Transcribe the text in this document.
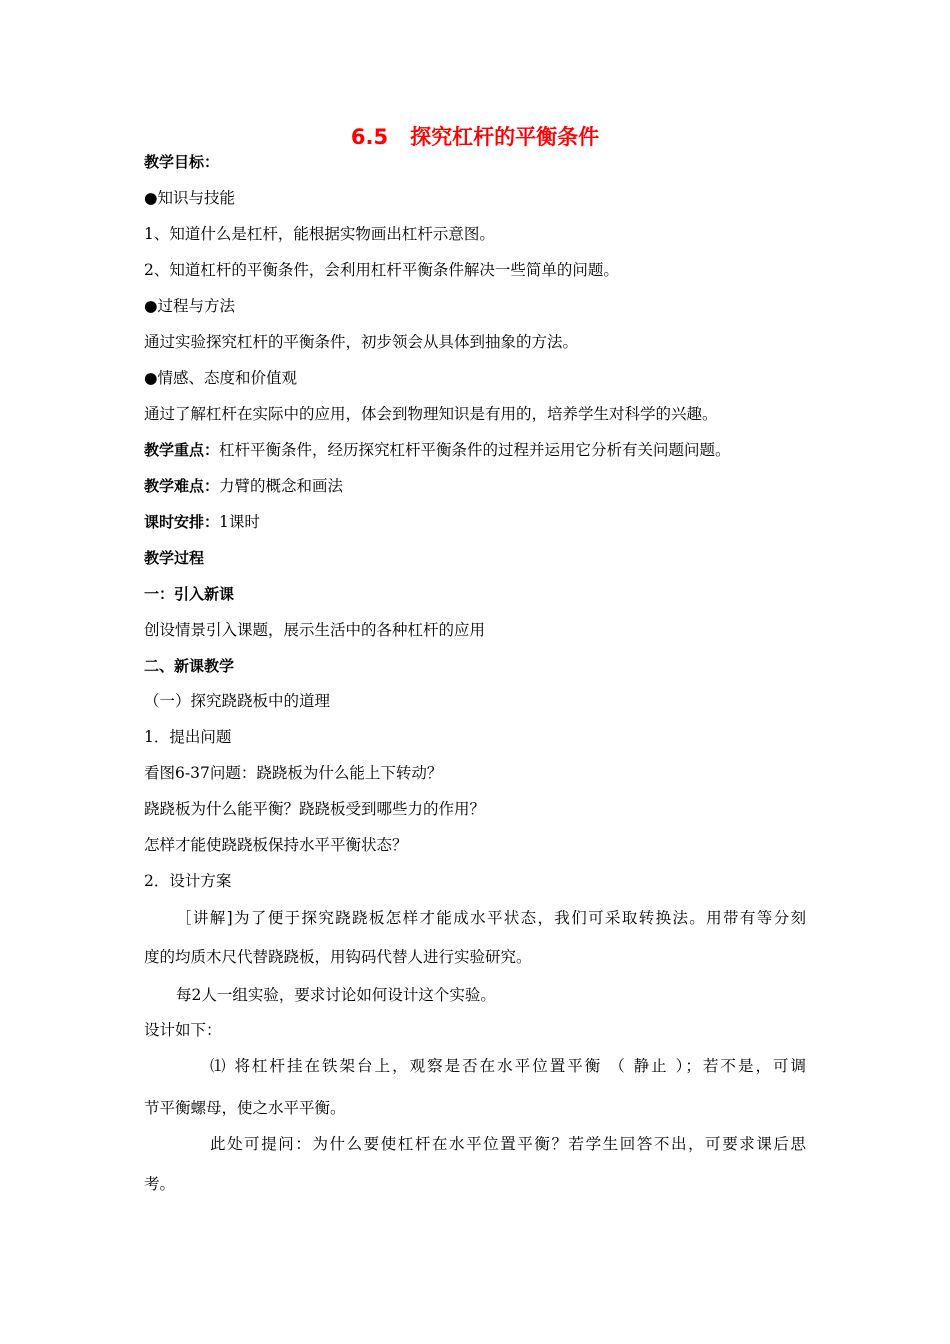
6.5 探究杠杆的平衡条件
教学目标：
●知识与技能
1、知道什么是杠杆，能根据实物画出杠杆示意图。
2、知道杠杆的平衡条件，会利用杠杆平衡条件解决一些简单的问题。
●过程与方法
通过实验探究杠杆的平衡条件，初步领会从具体到抽象的方法。
●情感、态度和价值观
通过了解杠杆在实际中的应用，体会到物理知识是有用的，培养学生对科学的兴趣。
教学重点：杠杆平衡条件，经历探究杠杆平衡条件的过程并运用它分析有关问题问题。
教学难点：力臂的概念和画法
课时安排：1课时
教学过程
一：引入新课
创设情景引入课题，展示生活中的各种杠杆的应用
二、新课教学
（一）探究跷跷板中的道理
1．提出问题
看图6-37问题：跷跷板为什么能上下转动？
跷跷板为什么能平衡？跷跷板受到哪些力的作用？
怎样才能使跷跷板保持水平平衡状态？
2．设计方案
［讲解]为了便于探究跷跷板怎样才能成水平状态，我们可采取转换法。用带有等分刻
度的均质木尺代替跷跷板，用钩码代替人进行实验研究。
每2人一组实验，要求讨论如何设计这个实验。
设计如下：
⑴ 将杠杆挂在铁架台上，观察是否在水平位置平衡 （ 静止 ）；若不是，可调
节平衡螺母，使之水平平衡。
此处可提问：为什么要使杠杆在水平位置平衡？若学生回答不出，可要求课后思
考。
